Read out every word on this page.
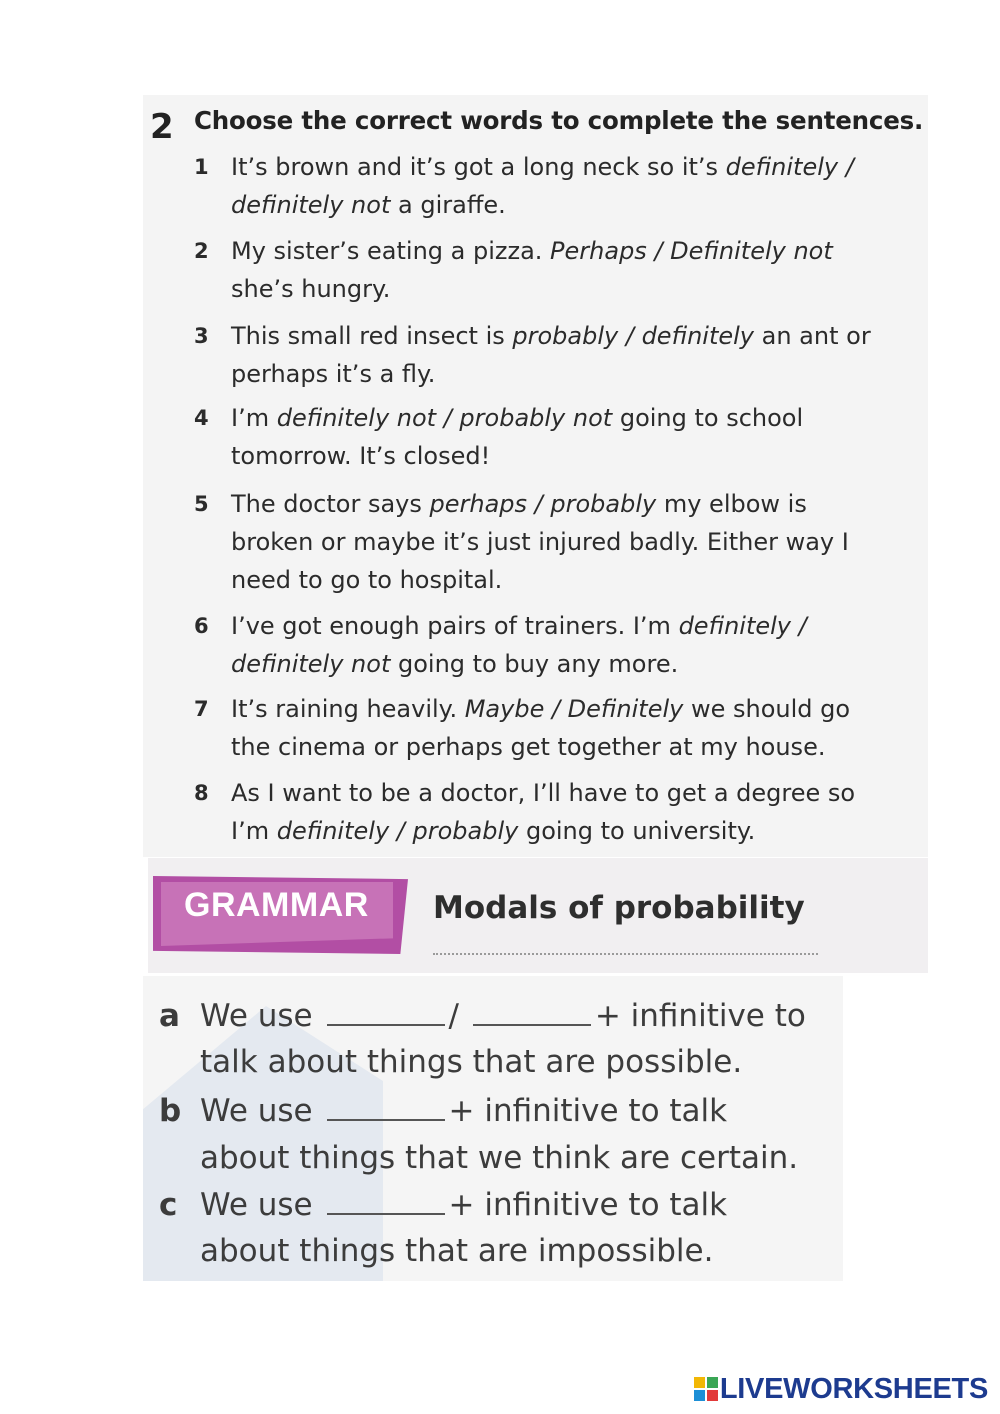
2 Choose the correct words to complete the sentences.
1 It’s brown and it’s got a long neck so it’s definitely /
definitely not a giraffe.
2 My sister’s eating a pizza. Perhaps / Definitely not
she’s hungry.
3 This small red insect is probably / definitely an ant or
perhaps it’s a fly.
4 I’m definitely not / probably not going to school
tomorrow. It’s closed!
5 The doctor says perhaps / probably my elbow is
broken or maybe it’s just injured badly. Either way I
need to go to hospital.
6 I’ve got enough pairs of trainers. I’m definitely /
definitely not going to buy any more.
7 It’s raining heavily. Maybe / Definitely we should go
the cinema or perhaps get together at my house.
8 As I want to be a doctor, I’ll have to get a degree so
I’m definitely / probably going to university.
GRAMMAR Modals of probability
a We use	/	+ infinitive to
talk about things that are possible.
b We use	+ infinitive to talk
about things that we think are certain.
c We use	+ infinitive to talk
about things that are impossible.
LIVEWORKSHEETS
